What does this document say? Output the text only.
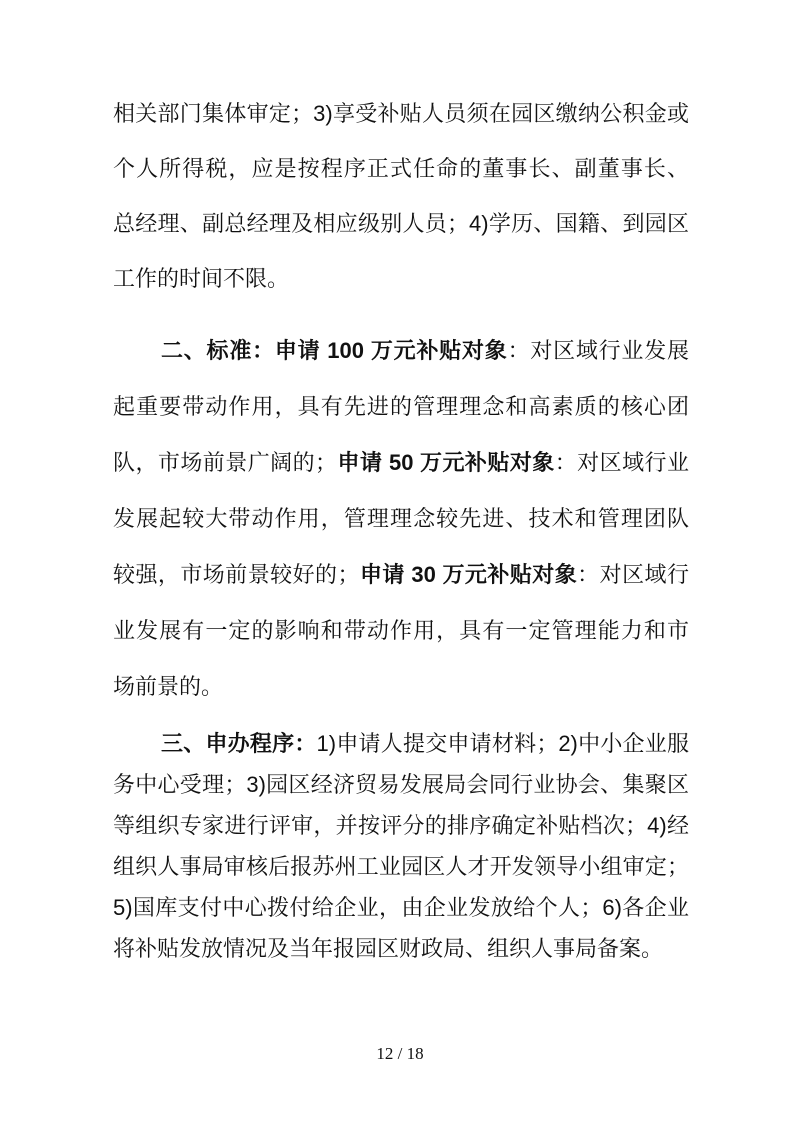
相关部门集体审定；3)享受补贴人员须在园区缴纳公积金或
个人所得税，应是按程序正式任命的董事长、副董事长、
总经理、副总经理及相应级别人员；4)学历、国籍、到园区
工作的时间不限。
二、标准：申请 100 万元补贴对象：对区域行业发展
起重要带动作用，具有先进的管理理念和高素质的核心团
队，市场前景广阔的；申请 50 万元补贴对象：对区域行业
发展起较大带动作用，管理理念较先进、技术和管理团队
较强，市场前景较好的；申请 30 万元补贴对象：对区域行
业发展有一定的影响和带动作用，具有一定管理能力和市
场前景的。
三、申办程序：1)申请人提交申请材料；2)中小企业服
务中心受理；3)园区经济贸易发展局会同行业协会、集聚区
等组织专家进行评审，并按评分的排序确定补贴档次；4)经
组织人事局审核后报苏州工业园区人才开发领导小组审定；
5)国库支付中心拨付给企业，由企业发放给个人；6)各企业
将补贴发放情况及当年报园区财政局、组织人事局备案。
12 / 18
